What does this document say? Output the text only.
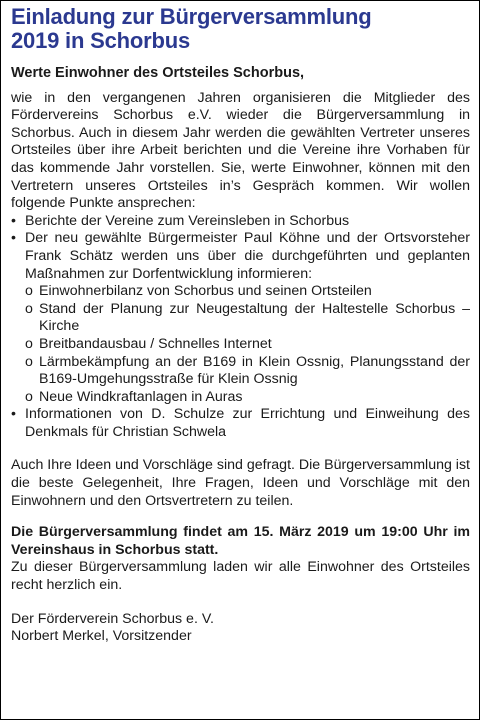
Einladung zur Bürgerversammlung
2019 in Schorbus

Werte Einwohner des Ortsteiles Schorbus,

wie in den vergangenen Jahren organisieren die Mitglieder des Fördervereins Schorbus e.V. wieder die Bürgerversammlung in Schorbus. Auch in diesem Jahr werden die gewählten Vertreter unseres Ortsteiles über ihre Arbeit berichten und die Vereine ihre Vorhaben für das kommende Jahr vorstellen. Sie, werte Einwohner, können mit den Vertretern unseres Ortsteiles in’s Gespräch kommen. Wir wollen folgende Punkte ansprechen:

• Berichte der Vereine zum Vereinsleben in Schorbus
• Der neu gewählte Bürgermeister Paul Köhne und der Ortsvorsteher Frank Schätz werden uns über die durchgeführten und geplanten Maßnahmen zur Dorfentwicklung informieren:
o Einwohnerbilanz von Schorbus und seinen Ortsteilen
o Stand der Planung zur Neugestaltung der Haltestelle Schorbus – Kirche
o Breitbandausbau / Schnelles Internet
o Lärmbekämpfung an der B169 in Klein Ossnig, Planungsstand der B169-Umgehungsstraße für Klein Ossnig
o Neue Windkraftanlagen in Auras
• Informationen von D. Schulze zur Errichtung und Einweihung des Denkmals für Christian Schwela

Auch Ihre Ideen und Vorschläge sind gefragt. Die Bürgerversammlung ist die beste Gelegenheit, Ihre Fragen, Ideen und Vorschläge mit den Einwohnern und den Ortsvertretern zu teilen.

Die Bürgerversammlung findet am 15. März 2019 um 19:00 Uhr im Vereinshaus in Schorbus statt.

Zu dieser Bürgerversammlung laden wir alle Einwohner des Ortsteiles recht herzlich ein.

Der Förderverein Schorbus e. V.
Norbert Merkel, Vorsitzender
